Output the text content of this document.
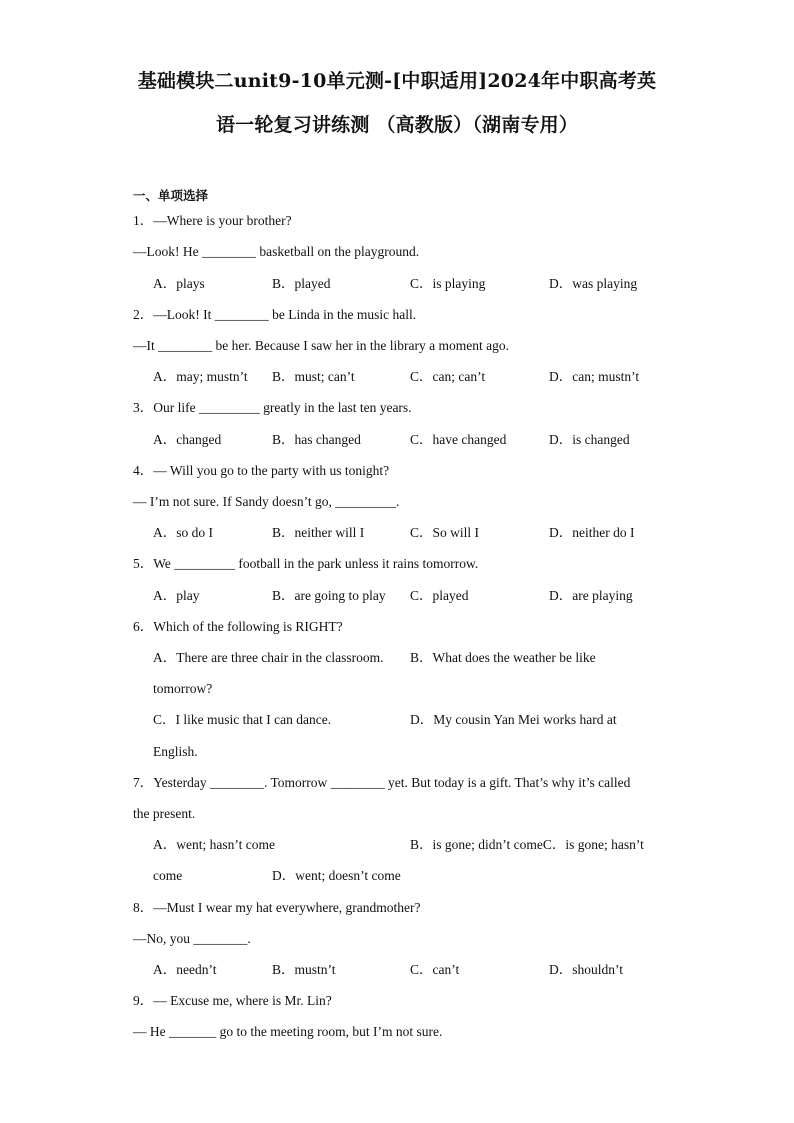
基础模块二unit9-10单元测-[中职适用]2024年中职高考英
语一轮复习讲练测 （高教版）（湖南专用）
一、单项选择
1．—Where is your brother?
—Look! He ________ basketball on the playground.
A．plays	B．played	C．is playing	D．was playing
2．—Look! It ________ be Linda in the music hall.
—It ________ be her. Because I saw her in the library a moment ago.
A．may; mustn’t B．must; can’t	C．can; can’t	D．can; mustn’t
3．Our life _________ greatly in the last ten years.
A．changed	B．has changed	C．have changed	D．is changed
4．— Will you go to the party with us tonight?
— I’m not sure. If Sandy doesn’t go, _________.
A．so do I	B．neither will I	C．So will I	D．neither do I
5．We _________ football in the park unless it rains tomorrow.
A．play	B．are going to play C．played	D．are playing
6．Which of the following is RIGHT?
A．There are three chair in the classroom. B．What does the weather be like
tomorrow?
C．I like music that I can dance.	D．My cousin Yan Mei works hard at
English.
7．Yesterday ________. Tomorrow ________ yet. But today is a gift. That’s why it’s called
the present.
A．went; hasn’t come	B．is gone; didn’t comeC．is gone; hasn’t
come	D．went; doesn’t come
8．—Must I wear my hat everywhere, grandmother?
—No, you ________.
A．needn’t	B．mustn’t	C．can’t	D．shouldn’t
9．— Excuse me, where is Mr. Lin?
— He _______ go to the meeting room, but I’m not sure.
